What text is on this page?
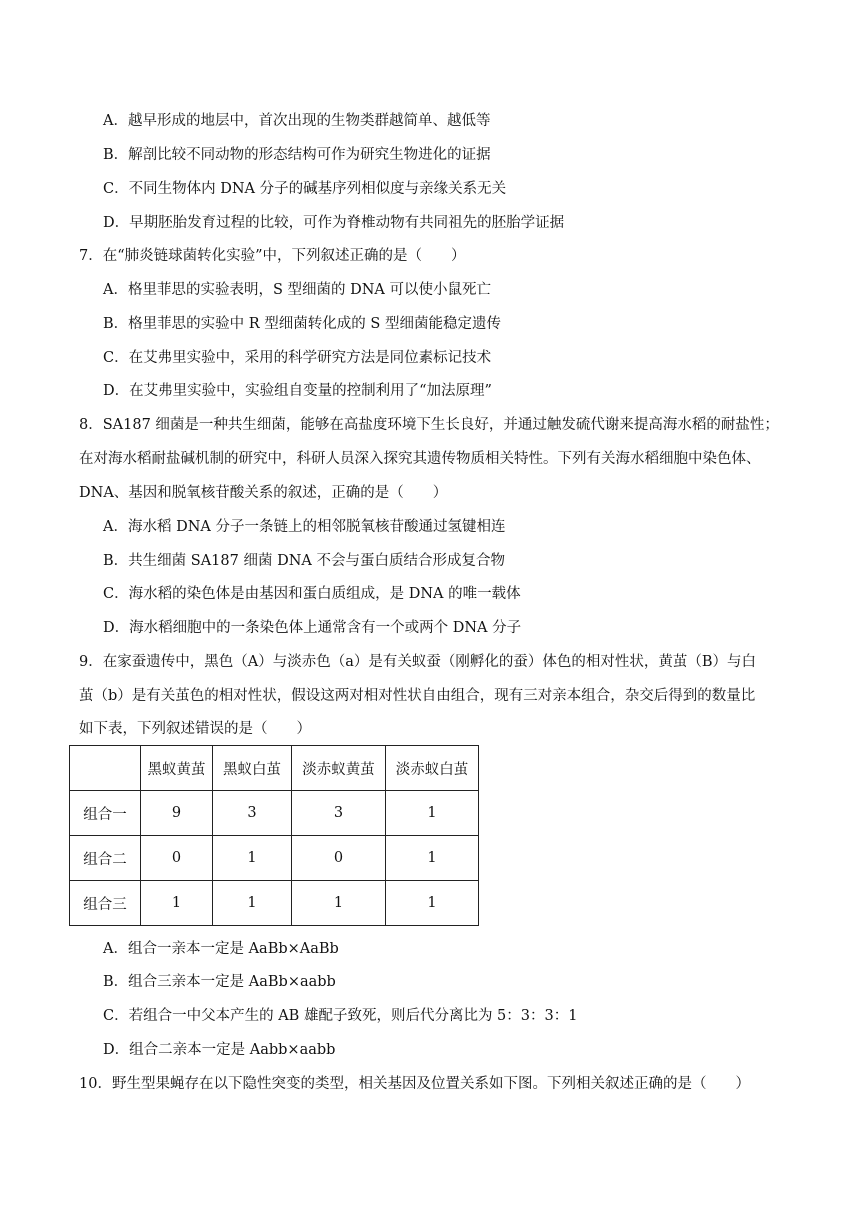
A．越早形成的地层中，首次出现的生物类群越简单、越低等
B．解剖比较不同动物的形态结构可作为研究生物进化的证据
C．不同生物体内 DNA 分子的碱基序列相似度与亲缘关系无关
D．早期胚胎发育过程的比较，可作为脊椎动物有共同祖先的胚胎学证据
7．在“肺炎链球菌转化实验”中，下列叙述正确的是（　　）
A．格里菲思的实验表明，S 型细菌的 DNA 可以使小鼠死亡
B．格里菲思的实验中 R 型细菌转化成的 S 型细菌能稳定遗传
C．在艾弗里实验中，采用的科学研究方法是同位素标记技术
D．在艾弗里实验中，实验组自变量的控制利用了“加法原理”
8．SA187 细菌是一种共生细菌，能够在高盐度环境下生长良好，并通过触发硫代谢来提高海水稻的耐盐性；
在对海水稻耐盐碱机制的研究中，科研人员深入探究其遗传物质相关特性。下列有关海水稻细胞中染色体、
DNA、基因和脱氧核苷酸关系的叙述，正确的是（　　）
A．海水稻 DNA 分子一条链上的相邻脱氧核苷酸通过氢键相连
B．共生细菌 SA187 细菌 DNA 不会与蛋白质结合形成复合物
C．海水稻的染色体是由基因和蛋白质组成，是 DNA 的唯一载体
D．海水稻细胞中的一条染色体上通常含有一个或两个 DNA 分子
9．在家蚕遗传中，黑色（A）与淡赤色（a）是有关蚁蚕（刚孵化的蚕）体色的相对性状，黄茧（B）与白
茧（b）是有关茧色的相对性状，假设这两对相对性状自由组合，现有三对亲本组合，杂交后得到的数量比
如下表，下列叙述错误的是（　　）
	黑蚁黄茧	黑蚁白茧	淡赤蚁黄茧	淡赤蚁白茧
组合一	9	3	3	1
组合二	0	1	0	1
组合三	1	1	1	1
A．组合一亲本一定是 AaBb×AaBb
B．组合三亲本一定是 AaBb×aabb
C．若组合一中父本产生的 AB 雄配子致死，则后代分离比为 5：3：3：1
D．组合二亲本一定是 Aabb×aabb
10．野生型果蝇存在以下隐性突变的类型，相关基因及位置关系如下图。下列相关叙述正确的是（　　）
